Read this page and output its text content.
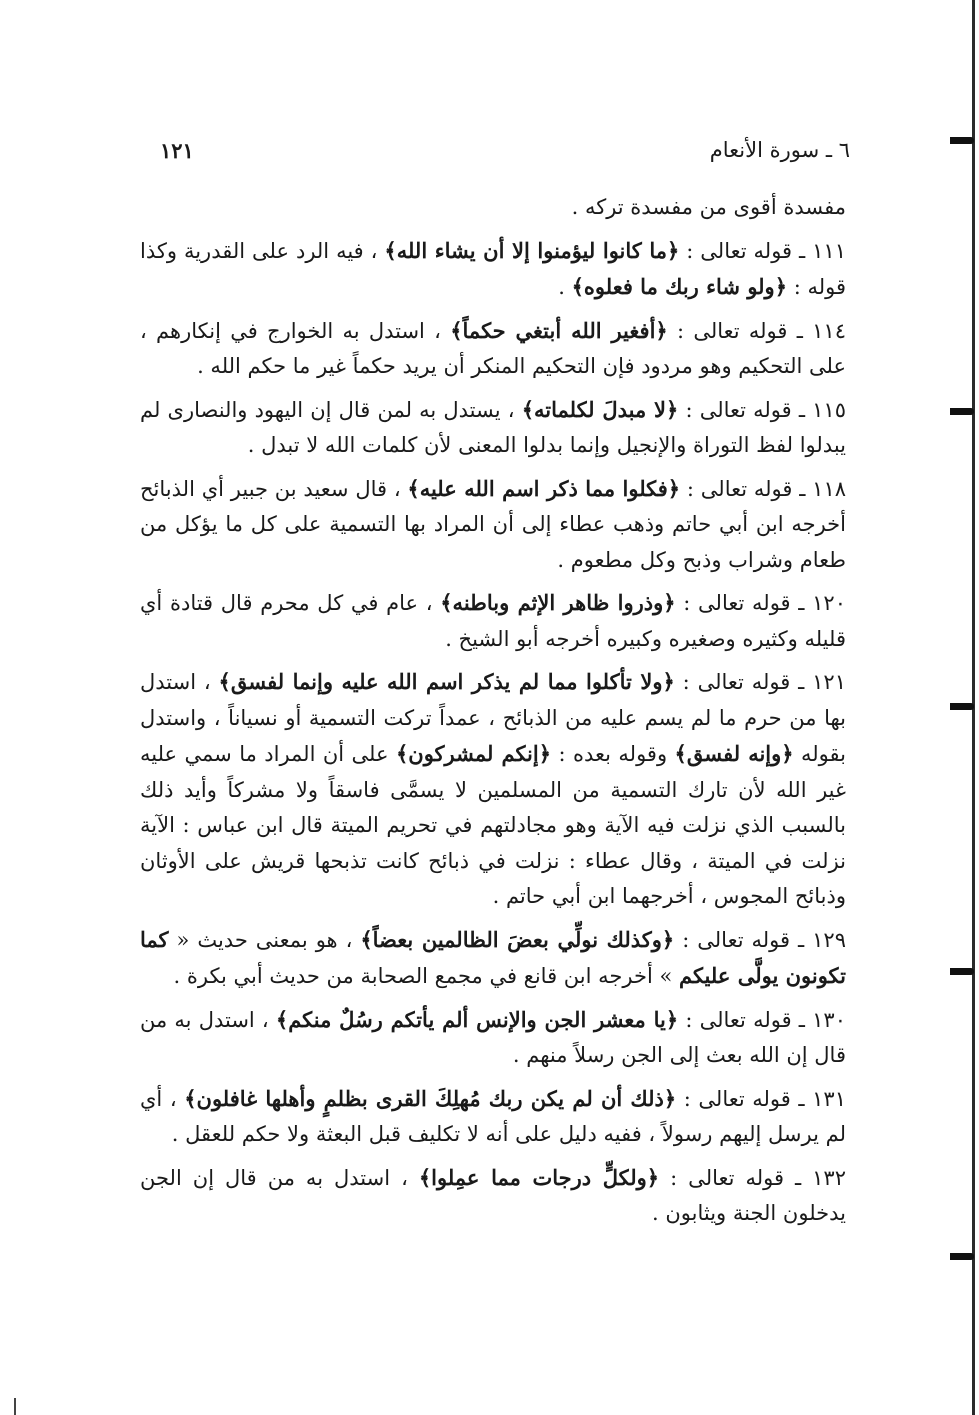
٦ ـ سورة الأنعام
١٢١

مفسدة أقوى من مفسدة تركه .

١١١ ـ قوله تعالى : ﴿ما كانوا ليؤمنوا إلا أن يشاء الله﴾ ، فيه الرد على القدرية وكذا قوله : ﴿ولو شاء ربك ما فعلوه﴾ .

١١٤ ـ قوله تعالى : ﴿أفغير الله أبتغي حكماً﴾ ، استدل به الخوارج في إنكارهم ، على التحكيم وهو مردود فإن التحكيم المنكر أن يريد حكماً غير ما حكم الله .

١١٥ ـ قوله تعالى : ﴿لا مبدلَ لكلماته﴾ ، يستدل به لمن قال إن اليهود والنصارى لم يبدلوا لفظ التوراة والإنجيل وإنما بدلوا المعنى لأن كلمات الله لا تبدل .

١١٨ ـ قوله تعالى : ﴿فكلوا مما ذكر اسم الله عليه﴾ ، قال سعيد بن جبير أي الذبائح أخرجه ابن أبي حاتم وذهب عطاء إلى أن المراد بها التسمية على كل ما يؤكل من طعام وشراب وذبح وكل مطعوم .

١٢٠ ـ قوله تعالى : ﴿وذروا ظاهر الإثم وباطنه﴾ ، عام في كل محرم قال قتادة أي قليله وكثيره وصغيره وكبيره أخرجه أبو الشيخ .

١٢١ ـ قوله تعالى : ﴿ولا تأكلوا مما لم يذكر اسم الله عليه وإنما لفسق﴾ ، استدل بها من حرم ما لم يسم عليه من الذبائح ، عمداً تركت التسمية أو نسياناً ، واستدل بقوله ﴿وإنه لفسق﴾ وقوله بعده : ﴿إنكم لمشركون﴾ على أن المراد ما سمي عليه غير الله لأن تارك التسمية من المسلمين لا يسمَّى فاسقاً ولا مشركاً وأيد ذلك بالسبب الذي نزلت فيه الآية وهو مجادلتهم في تحريم الميتة قال ابن عباس : الآية نزلت في الميتة ، وقال عطاء : نزلت في ذبائح كانت تذبحها قريش على الأوثان وذبائح المجوس ، أخرجهما ابن أبي حاتم .

١٢٩ ـ قوله تعالى : ﴿وكذلك نولِّي بعضَ الظالمين بعضاً﴾ ، هو بمعنى حديث « كما تكونون يولَّى عليكم » أخرجه ابن قانع في مجمع الصحابة من حديث أبي بكرة .

١٣٠ ـ قوله تعالى : ﴿يا معشر الجن والإنس ألم يأتكم رسُلٌ منكم﴾ ، استدل به من قال إن الله بعث إلى الجن رسلاً منهم .

١٣١ ـ قوله تعالى : ﴿ذلك أن لم يكن ربك مُهلِكَ القرى بظلمٍ وأهلها غافلون﴾ ، أي لم يرسل إليهم رسولاً ، ففيه دليل على أنه لا تكليف قبل البعثة ولا حكم للعقل .

١٣٢ ـ قوله تعالى : ﴿ولكلٍّ درجات مما عمِلوا﴾ ، استدل به من قال إن الجن يدخلون الجنة ويثابون .
